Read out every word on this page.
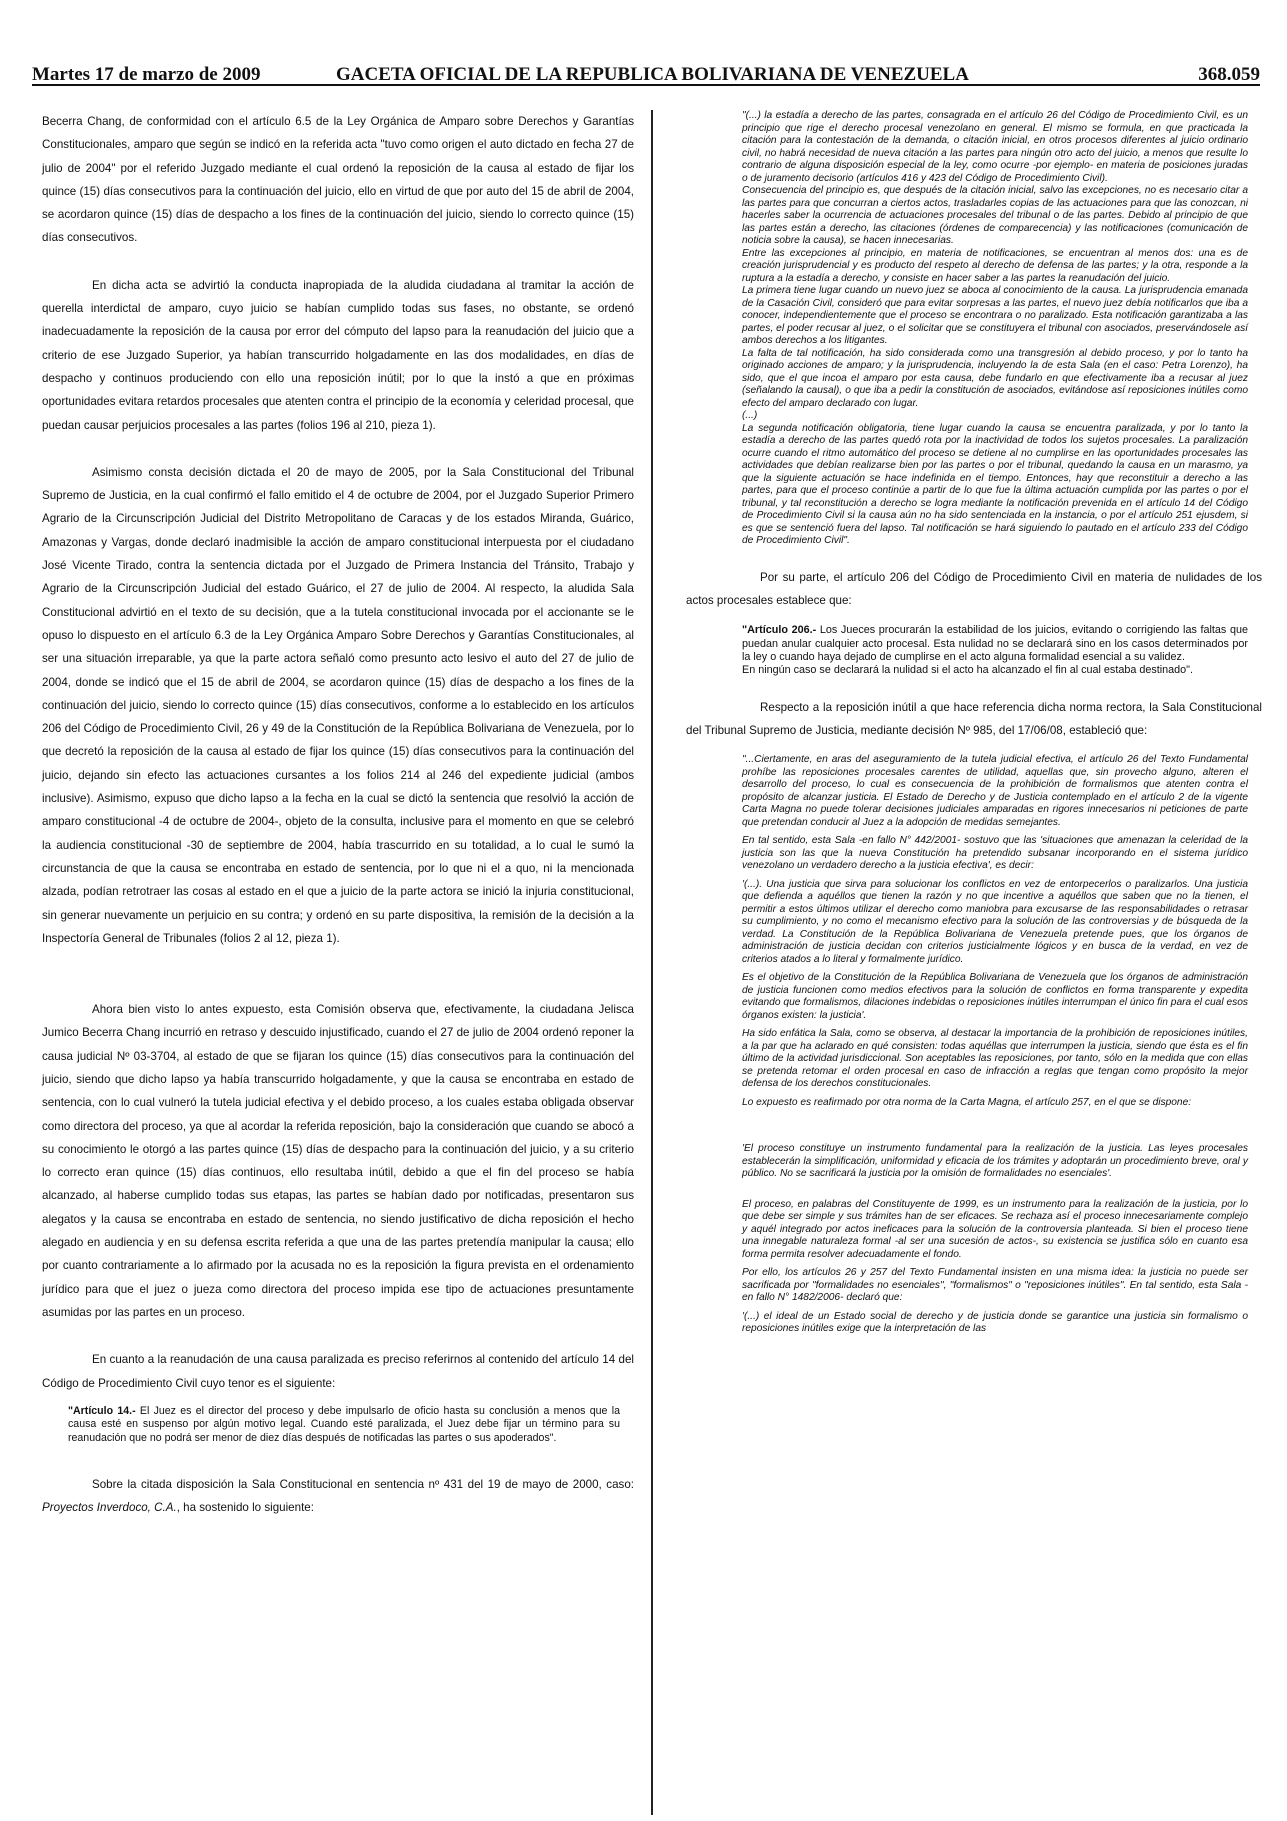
Martes 17 de marzo de 2009	GACETA OFICIAL DE LA REPUBLICA BOLIVARIANA DE VENEZUELA	368.059

Becerra Chang, de conformidad con el artículo 6.5 de la Ley Orgánica de Amparo sobre Derechos y Garantías Constitucionales, amparo que según se indicó en la referida acta "tuvo como origen el auto dictado en fecha 27 de julio de 2004" por el referido Juzgado mediante el cual ordenó la reposición de la causa al estado de fijar los quince (15) días consecutivos para la continuación del juicio, ello en virtud de que por auto del 15 de abril de 2004, se acordaron quince (15) días de despacho a los fines de la continuación del juicio, siendo lo correcto quince (15) días consecutivos.

En dicha acta se advirtió la conducta inapropiada de la aludida ciudadana al tramitar la acción de querella interdictal de amparo, cuyo juicio se habían cumplido todas sus fases, no obstante, se ordenó inadecuadamente la reposición de la causa por error del cómputo del lapso para la reanudación del juicio que a criterio de ese Juzgado Superior, ya habían transcurrido holgadamente en las dos modalidades, en días de despacho y continuos produciendo con ello una reposición inútil; por lo que la instó a que en próximas oportunidades evitara retardos procesales que atenten contra el principio de la economía y celeridad procesal, que puedan causar perjuicios procesales a las partes (folios 196 al 210, pieza 1).

Asimismo consta decisión dictada el 20 de mayo de 2005, por la Sala Constitucional del Tribunal Supremo de Justicia, en la cual confirmó el fallo emitido el 4 de octubre de 2004, por el Juzgado Superior Primero Agrario de la Circunscripción Judicial del Distrito Metropolitano de Caracas y de los estados Miranda, Guárico, Amazonas y Vargas, donde declaró inadmisible la acción de amparo constitucional interpuesta por el ciudadano José Vicente Tirado, contra la sentencia dictada por el Juzgado de Primera Instancia del Tránsito, Trabajo y Agrario de la Circunscripción Judicial del estado Guárico, el 27 de julio de 2004. Al respecto, la aludida Sala Constitucional advirtió en el texto de su decisión, que a la tutela constitucional invocada por el accionante se le opuso lo dispuesto en el artículo 6.3 de la Ley Orgánica Amparo Sobre Derechos y Garantías Constitucionales, al ser una situación irreparable, ya que la parte actora señaló como presunto acto lesivo el auto del 27 de julio de 2004, donde se indicó que el 15 de abril de 2004, se acordaron quince (15) días de despacho a los fines de la continuación del juicio, siendo lo correcto quince (15) días consecutivos, conforme a lo establecido en los artículos 206 del Código de Procedimiento Civil, 26 y 49 de la Constitución de la República Bolivariana de Venezuela, por lo que decretó la reposición de la causa al estado de fijar los quince (15) días consecutivos para la continuación del juicio, dejando sin efecto las actuaciones cursantes a los folios 214 al 246 del expediente judicial (ambos inclusive). Asimismo, expuso que dicho lapso a la fecha en la cual se dictó la sentencia que resolvió la acción de amparo constitucional -4 de octubre de 2004-, objeto de la consulta, inclusive para el momento en que se celebró la audiencia constitucional -30 de septiembre de 2004, había trascurrido en su totalidad, a lo cual le sumó la circunstancia de que la causa se encontraba en estado de sentencia, por lo que ni el a quo, ni la mencionada alzada, podían retrotraer las cosas al estado en el que a juicio de la parte actora se inició la injuria constitucional, sin generar nuevamente un perjuicio en su contra; y ordenó en su parte dispositiva, la remisión de la decisión a la Inspectoría General de Tribunales (folios 2 al 12, pieza 1).

Ahora bien visto lo antes expuesto, esta Comisión observa que, efectivamente, la ciudadana Jelisca Jumico Becerra Chang incurrió en retraso y descuido injustificado, cuando el 27 de julio de 2004 ordenó reponer la causa judicial Nº 03-3704, al estado de que se fijaran los quince (15) días consecutivos para la continuación del juicio, siendo que dicho lapso ya había transcurrido holgadamente, y que la causa se encontraba en estado de sentencia, con lo cual vulneró la tutela judicial efectiva y el debido proceso, a los cuales estaba obligada observar como directora del proceso, ya que al acordar la referida reposición, bajo la consideración que cuando se abocó a su conocimiento le otorgó a las partes quince (15) días de despacho para la continuación del juicio, y a su criterio lo correcto eran quince (15) días continuos, ello resultaba inútil, debido a que el fin del proceso se había alcanzado, al haberse cumplido todas sus etapas, las partes se habían dado por notificadas, presentaron sus alegatos y la causa se encontraba en estado de sentencia, no siendo justificativo de dicha reposición el hecho alegado en audiencia y en su defensa escrita referida a que una de las partes pretendía manipular la causa; ello por cuanto contrariamente a lo afirmado por la acusada no es la reposición la figura prevista en el ordenamiento jurídico para que el juez o jueza como directora del proceso impida ese tipo de actuaciones presuntamente asumidas por las partes en un proceso.

En cuanto a la reanudación de una causa paralizada es preciso referirnos al contenido del artículo 14 del Código de Procedimiento Civil cuyo tenor es el siguiente:

"Artículo 14.- El Juez es el director del proceso y debe impulsarlo de oficio hasta su conclusión a menos que la causa esté en suspenso por algún motivo legal. Cuando esté paralizada, el Juez debe fijar un término para su reanudación que no podrá ser menor de diez días después de notificadas las partes o sus apoderados".

Sobre la citada disposición la Sala Constitucional en sentencia nº 431 del 19 de mayo de 2000, caso: Proyectos Inverdoco, C.A., ha sostenido lo siguiente:

"(...) la estadía a derecho de las partes, consagrada en el artículo 26 del Código de Procedimiento Civil, es un principio que rige el derecho procesal venezolano en general. El mismo se formula, en que practicada la citación para la contestación de la demanda, o citación inicial, en otros procesos diferentes al juicio ordinario civil, no habrá necesidad de nueva citación a las partes para ningún otro acto del juicio, a menos que resulte lo contrario de alguna disposición especial de la ley, como ocurre -por ejemplo- en materia de posiciones juradas o de juramento decisorio (artículos 416 y 423 del Código de Procedimiento Civil).

Consecuencia del principio es, que después de la citación inicial, salvo las excepciones, no es necesario citar a las partes para que concurran a ciertos actos, trasladarles copias de las actuaciones para que las conozcan, ni hacerles saber la ocurrencia de actuaciones procesales del tribunal o de las partes. Debido al principio de que las partes están a derecho, las citaciones (órdenes de comparecencia) y las notificaciones (comunicación de noticia sobre la causa), se hacen innecesarias.

Entre las excepciones al principio, en materia de notificaciones, se encuentran al menos dos: una es de creación jurisprudencial y es producto del respeto al derecho de defensa de las partes; y la otra, responde a la ruptura a la estadía a derecho, y consiste en hacer saber a las partes la reanudación del juicio.

La primera tiene lugar cuando un nuevo juez se aboca al conocimiento de la causa. La jurisprudencia emanada de la Casación Civil, consideró que para evitar sorpresas a las partes, el nuevo juez debía notificarlos que iba a conocer, independientemente que el proceso se encontrara o no paralizado. Esta notificación garantizaba a las partes, el poder recusar al juez, o el solicitar que se constituyera el tribunal con asociados, preservándosele así ambos derechos a los litigantes.

La falta de tal notificación, ha sido considerada como una transgresión al debido proceso, y por lo tanto ha originado acciones de amparo; y la jurisprudencia, incluyendo la de esta Sala (en el caso: Petra Lorenzo), ha sido, que el que incoa el amparo por esta causa, debe fundarlo en que efectivamente iba a recusar al juez (señalando la causal), o que iba a pedir la constitución de asociados, evitándose así reposiciones inútiles como efecto del amparo declarado con lugar.

(...)

La segunda notificación obligatoria, tiene lugar cuando la causa se encuentra paralizada, y por lo tanto la estadía a derecho de las partes quedó rota por la inactividad de todos los sujetos procesales. La paralización ocurre cuando el ritmo automático del proceso se detiene al no cumplirse en las oportunidades procesales las actividades que debían realizarse bien por las partes o por el tribunal, quedando la causa en un marasmo, ya que la siguiente actuación se hace indefinida en el tiempo. Entonces, hay que reconstituir a derecho a las partes, para que el proceso continúe a partir de lo que fue la última actuación cumplida por las partes o por el tribunal, y tal reconstitución a derecho se logra mediante la notificación prevenida en el artículo 14 del Código de Procedimiento Civil si la causa aún no ha sido sentenciada en la instancia, o por el artículo 251 ejusdem, si es que se sentenció fuera del lapso. Tal notificación se hará siguiendo lo pautado en el artículo 233 del Código de Procedimiento Civil".

Por su parte, el artículo 206 del Código de Procedimiento Civil en materia de nulidades de los actos procesales establece que:

"Artículo 206.- Los Jueces procurarán la estabilidad de los juicios, evitando o corrigiendo las faltas que puedan anular cualquier acto procesal. Esta nulidad no se declarará sino en los casos determinados por la ley o cuando haya dejado de cumplirse en el acto alguna formalidad esencial a su validez.
En ningún caso se declarará la nulidad si el acto ha alcanzado el fin al cual estaba destinado".

Respecto a la reposición inútil a que hace referencia dicha norma rectora, la Sala Constitucional del Tribunal Supremo de Justicia, mediante decisión Nº 985, del 17/06/08, estableció que:

"...Ciertamente, en aras del aseguramiento de la tutela judicial efectiva, el artículo 26 del Texto Fundamental prohíbe las reposiciones procesales carentes de utilidad, aquellas que, sin provecho alguno, alteren el desarrollo del proceso, lo cual es consecuencia de la prohibición de formalismos que atenten contra el propósito de alcanzar justicia. El Estado de Derecho y de Justicia contemplado en el artículo 2 de la vigente Carta Magna no puede tolerar decisiones judiciales amparadas en rigores innecesarios ni peticiones de parte que pretendan conducir al Juez a la adopción de medidas semejantes.

En tal sentido, esta Sala -en fallo N° 442/2001- sostuvo que las 'situaciones que amenazan la celeridad de la justicia son las que la nueva Constitución ha pretendido subsanar incorporando en el sistema jurídico venezolano un verdadero derecho a la justicia efectiva', es decir:

'(...). Una justicia que sirva para solucionar los conflictos en vez de entorpecerlos o paralizarlos. Una justicia que defienda a aquéllos que tienen la razón y no que incentive a aquéllos que saben que no la tienen, el permitir a estos últimos utilizar el derecho como maniobra para excusarse de las responsabilidades o retrasar su cumplimiento, y no como el mecanismo efectivo para la solución de las controversias y de búsqueda de la verdad. La Constitución de la República Bolivariana de Venezuela pretende pues, que los órganos de administración de justicia decidan con criterios justicialmente lógicos y en busca de la verdad, en vez de criterios atados a lo literal y formalmente jurídico.

Es el objetivo de la Constitución de la República Bolivariana de Venezuela que los órganos de administración de justicia funcionen como medios efectivos para la solución de conflictos en forma transparente y expedita evitando que formalismos, dilaciones indebidas o reposiciones inútiles interrumpan el único fin para el cual esos órganos existen: la justicia'.

Ha sido enfática la Sala, como se observa, al destacar la importancia de la prohibición de reposiciones inútiles, a la par que ha aclarado en qué consisten: todas aquéllas que interrumpen la justicia, siendo que ésta es el fin último de la actividad jurisdiccional. Son aceptables las reposiciones, por tanto, sólo en la medida que con ellas se pretenda retomar el orden procesal en caso de infracción a reglas que tengan como propósito la mejor defensa de los derechos constitucionales.

Lo expuesto es reafirmado por otra norma de la Carta Magna, el artículo 257, en el que se dispone:

'El proceso constituye un instrumento fundamental para la realización de la justicia. Las leyes procesales establecerán la simplificación, uniformidad y eficacia de los trámites y adoptarán un procedimiento breve, oral y público. No se sacrificará la justicia por la omisión de formalidades no esenciales'.

El proceso, en palabras del Constituyente de 1999, es un instrumento para la realización de la justicia, por lo que debe ser simple y sus trámites han de ser eficaces. Se rechaza así el proceso innecesariamente complejo y aquél integrado por actos ineficaces para la solución de la controversia planteada. Si bien el proceso tiene una innegable naturaleza formal -al ser una sucesión de actos-, su existencia se justifica sólo en cuanto esa forma permita resolver adecuadamente el fondo.

Por ello, los artículos 26 y 257 del Texto Fundamental insisten en una misma idea: la justicia no puede ser sacrificada por "formalidades no esenciales", "formalismos" o "reposiciones inútiles". En tal sentido, esta Sala -en fallo N° 1482/2006- declaró que:

'(...) el ideal de un Estado social de derecho y de justicia donde se garantice una justicia sin formalismo o reposiciones inútiles exige que la interpretación de las
